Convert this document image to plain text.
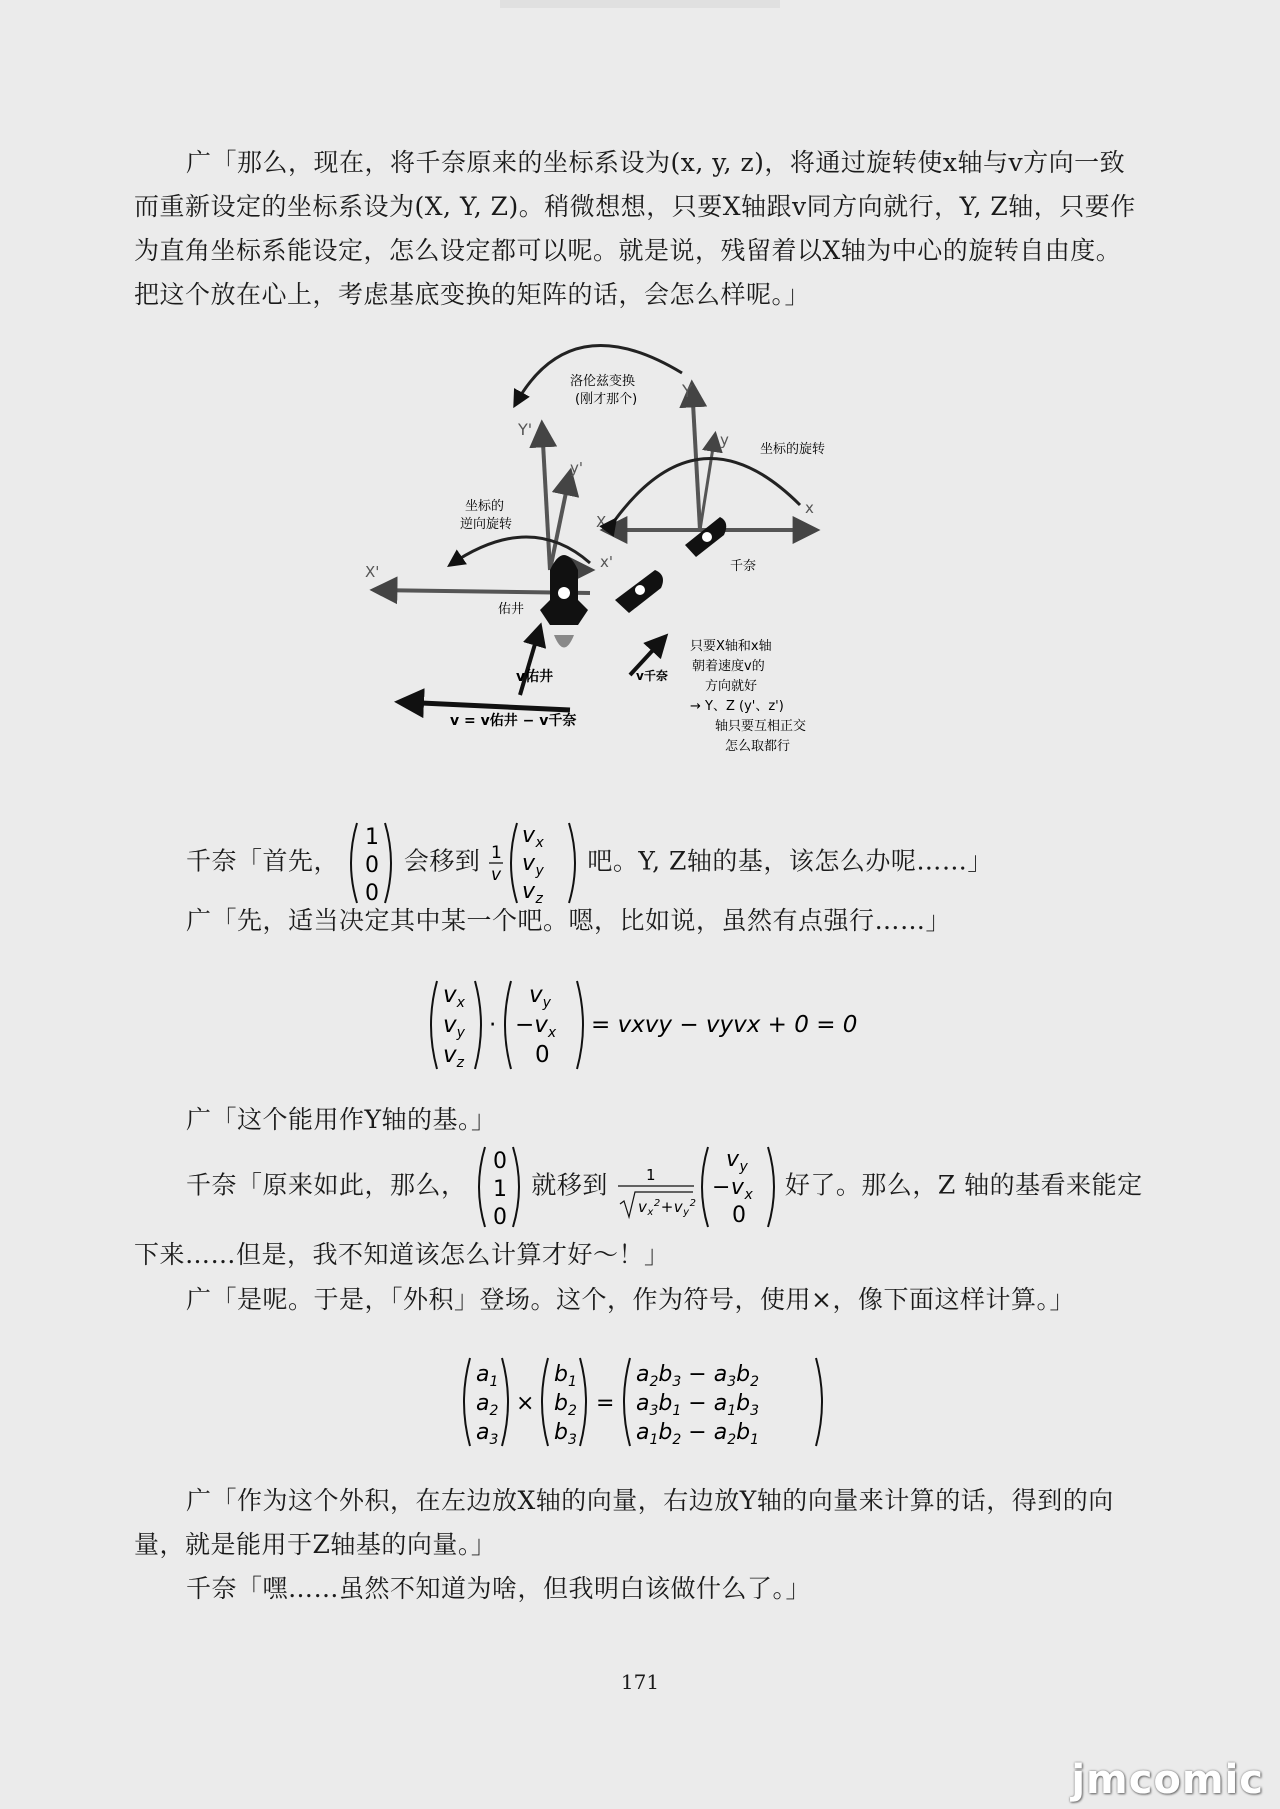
广「那么，现在，将千奈原来的坐标系设为(x, y, z)，将通过旋转使x轴与v方向一致
而重新设定的坐标系设为(X, Y, Z)。稍微想想，只要X轴跟v同方向就行，Y, Z轴，只要作
为直角坐标系能设定，怎么设定都可以呢。就是说，残留着以X轴为中心的旋转自由度。
把这个放在心上，考虑基底变换的矩阵的话，会怎么样呢。」
洛伦兹变换
(刚才那个)
Y'
y'
X'
x'
坐标的
逆向旋转
佑井
Y
y
X
x
坐标的旋转
千奈
v佑井	v千奈
v = v佑井 − v千奈
只要X轴和x轴
朝着速度v的
方向就好
→ Y、Z (y'、z')
轴只要互相正交
怎么取都行
千奈「首先，
1
0
0
会移到 1
v
$v_x$
$v_y$
$v_z$
吧。Y, Z轴的基，该怎么办呢……」
广「先，适当决定其中某一个吧。嗯，比如说，虽然有点强行……」
$v_x$
$v_y$
$v_z$
·
$v_y$
$-v_x$
0
= vxvy − vyvx + 0 = 0
广「这个能用作Y轴的基。」
千奈「原来如此，那么，
0
1
0
就移到	1
$v_x^2+v_y^2$
$v_y$
$-v_x$
0
好了。那么，Z 轴的基看来能定
下来……但是，我不知道该怎么计算才好～！」
广「是呢。于是，「外积」登场。这个，作为符号，使用×，像下面这样计算。」
$a_1$
$a_2$
$a_3$
×
$b_1$
$b_2$
$b_3$
=
$a_2b_3 - a_3b_2$
$a_3b_1 - a_1b_3$
$a_1b_2 - a_2b_1$
广「作为这个外积，在左边放X轴的向量，右边放Y轴的向量来计算的话，得到的向
量，就是能用于Z轴基的向量。」
千奈「嘿……虽然不知道为啥，但我明白该做什么了。」
171
jmcomic
